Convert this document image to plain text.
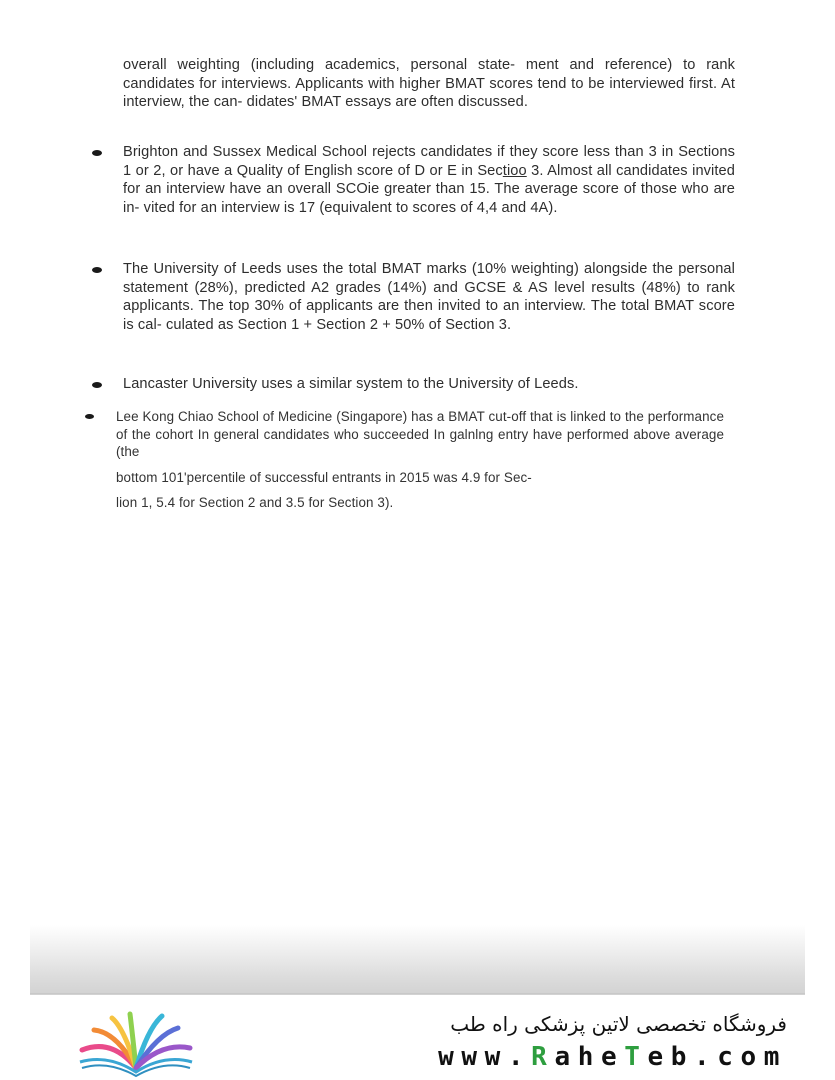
overall weighting (including academics, personal state- ment and reference) to rank candidates for interviews. Applicants with higher BMAT scores tend to be interviewed first. At interview, the can- didates' BMAT essays are often discussed.

Brighton and Sussex Medical School rejects candidates if they score less than 3 in Sections 1 or 2, or have a Quality of English score of D or E in Sectioo 3. Almost all candidates invited for an interview have an overall SCOie greater than 15. The average score of those who are in- vited for an interview is 17 (equivalent to scores of 4,4 and 4A).

The University of Leeds uses the total BMAT marks (10% weighting) alongside the personal statement (28%), predicted A2 grades (14%) and GCSE & AS level results (48%) to rank applicants. The top 30% of applicants are then invited to an interview. The total BMAT score is cal- culated as Section 1 + Section 2 + 50% of Section 3.

Lancaster University uses a similar system to the University of Leeds.

Lee Kong Chiao School of Medicine (Singapore) has a BMAT cut-off that is linked to the performance of the cohort In general candidates who succeeded In galnlng entry have performed above average (the

bottom 101'percentile of successful entrants in 2015 was 4.9 for Sec-

lion 1, 5.4 for Section 2 and 3.5 for Section 3).

فروشگاه تخصصی لاتین پزشکی راه طب
www.RaheTeb.com
